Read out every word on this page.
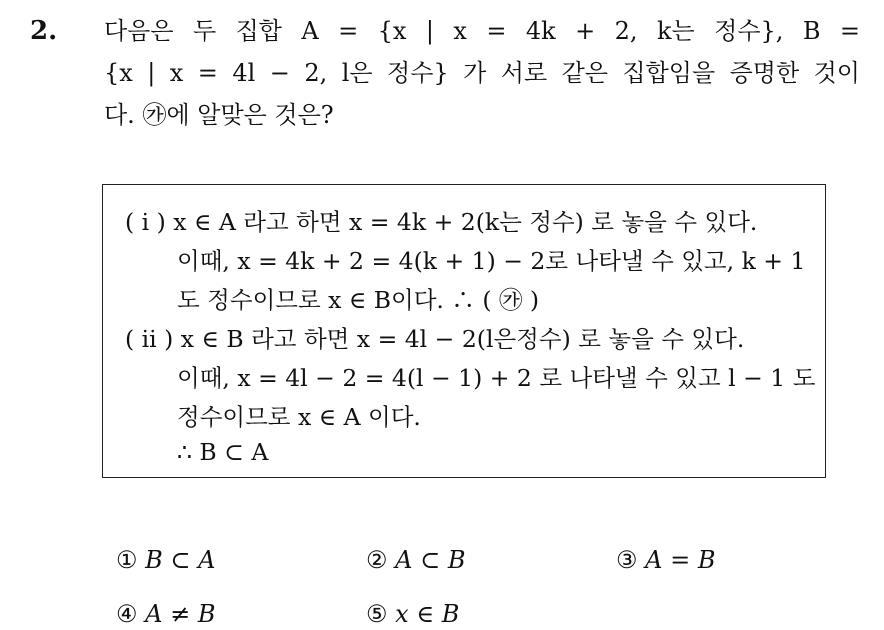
2. 다음은 두 집합 A = {x | x = 4k + 2, k는 정수}, B =
{x | x = 4l − 2, l은 정수} 가 서로 같은 집합임을 증명한 것이
다. ㉮에 알맞은 것은?
( i ) x ∈ A 라고 하면 x = 4k + 2(k는 정수) 로 놓을 수 있다.
이때, x = 4k + 2 = 4(k + 1) − 2로 나타낼 수 있고, k + 1
도 정수이므로 x ∈ B이다. ∴ ( ㉮ )
( ii ) x ∈ B 라고 하면 x = 4l − 2(l은정수) 로 놓을 수 있다.
이때, x = 4l − 2 = 4(l − 1) + 2 로 나타낼 수 있고 l − 1 도
정수이므로 x ∈ A 이다.
∴ B ⊂ A
① B ⊂ A	② A ⊂ B	③ A = B
④ A ≠ B	⑤ x ∈ B
